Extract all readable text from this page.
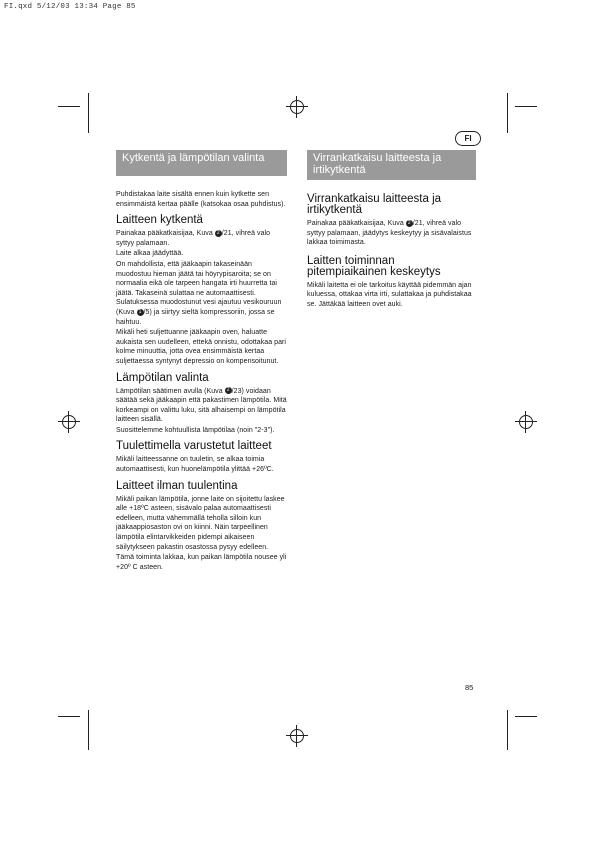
FI.qxd 5/12/03 13:34 Page 85
FI
Kytkentä ja lämpötilan valinta

Puhdistakaa laite sisältä ennen kuin kytkette sen ensimmäistä kertaa päälle (katsokaa osaa puhdistus).

Laitteen kytkentä

Painakaa pääkatkaisijaa, Kuva 2 /21, vihreä valo syttyy palamaan.

Laite alkaa jäädyttää.

On mahdollista, että jääkaapin takaseinään muodostuu hieman jäätä tai höyrypisaroita; se on normaalia eikä ole tarpeen hangata irti huurretta tai jäätä. Takaseinä sulattaa ne automaattisesti. Sulatuksessa muodostunut vesi ajautuu vesikouruun (Kuva 1 /5) ja siirtyy sieltä kompressoriin, jossa se haihtuu.

Mikäli heti suljettuanne jääkaapin oven, haluatte aukaista sen uudelleen, ettekä onnistu, odottakaa pari kolme minuuttia, jotta ovea ensimmäistä kertaa suljettaessa syntynyt depressio on kompensoitunut.

Lämpötilan valinta

Lämpötilan säätimen avulla (Kuva 2 /23) voidaan säätää sekä jääkaapin että pakastimen lämpötila. Mitä korkeampi on valittu luku, sitä alhaisempi on lämpötila laitteen sisällä.

Suosittelemme kohtuullista lämpötilaa (noin "2-3").

Tuulettimella varustetut laitteet

Mikäli laitteessanne on tuuletin, se alkaa toimia automaattisesti, kun huonelämpötila ylittää +26ºC.

Laitteet ilman tuulentina

Mikäli paikan lämpötila, jonne laite on sijoitettu laskee alle +18ºC asteen, sisävalo palaa automaattisesti edelleen, mutta vähemmällä teholla silloin kun jääkaappiosaston ovi on kiinni. Näin tarpeellinen lämpötila elintarvikkeiden pidempi aikaiseen säilytykseen pakastin osastossa pysyy edelleen.

Tämä toiminta lakkaa, kun paikan lämpötila nousee yli +20º C asteen.

Virrankatkaisu laitteesta ja irtikytkentä
Virrankatkaisu laitteesta ja irtikytkentä

Painakaa pääkatkaisijaa, Kuva 2 /21, vihreä valo syttyy palamaan, jäädytys keskeytyy ja sisävalaistus lakkaa toimimasta.

Laitten toiminnan pitempiaikainen keskeytys

Mikäli laitetta ei ole tarkoitus käyttää pidemmän ajan kuluessa, ottakaa virta irti, sulattakaa ja puhdistakaa se. Jättäkää laitteen ovet auki.

85
